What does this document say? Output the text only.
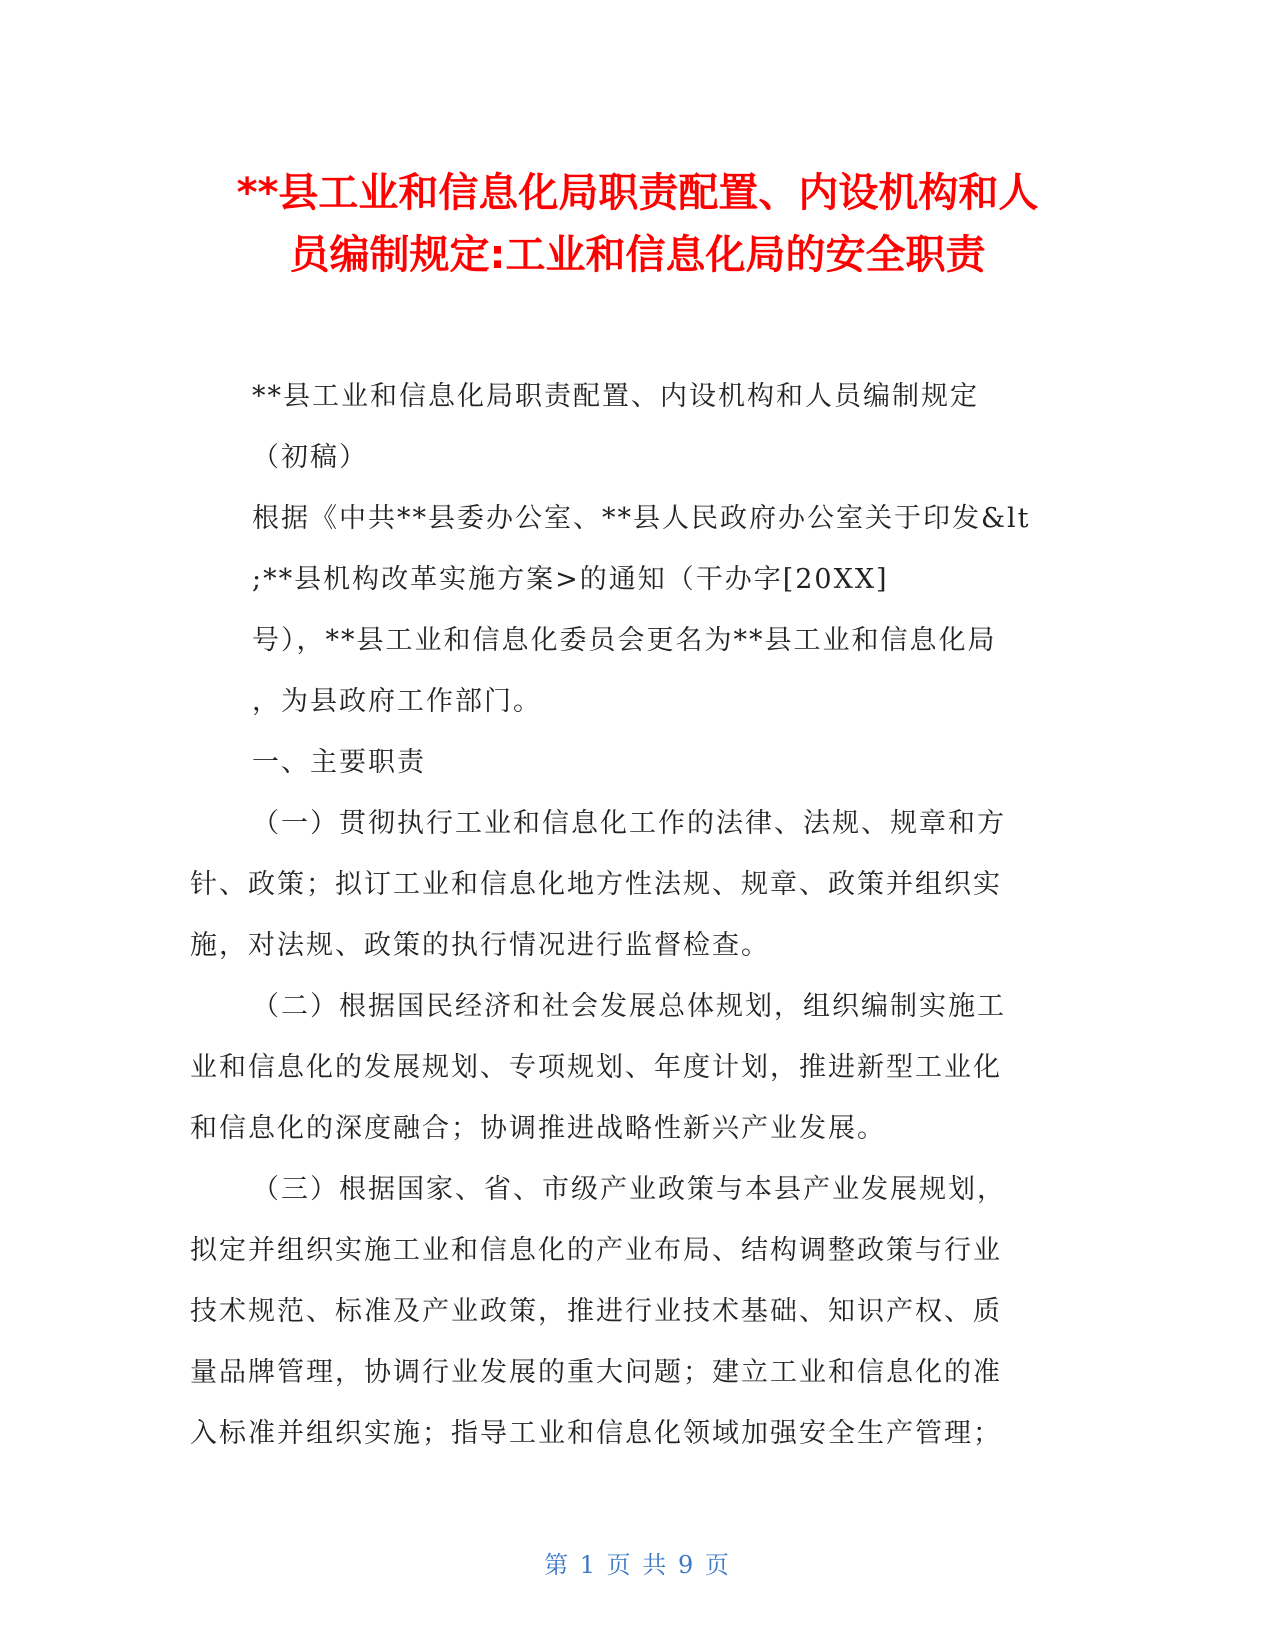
**县工业和信息化局职责配置、内设机构和人
员编制规定:工业和信息化局的安全职责
**县工业和信息化局职责配置、内设机构和人员编制规定
（初稿）
根据《中共**县委办公室、**县人民政府办公室关于印发&lt
;**县机构改革实施方案>的通知（干办字[20XX]
号），**县工业和信息化委员会更名为**县工业和信息化局
，为县政府工作部门。
一、主要职责
（一）贯彻执行工业和信息化工作的法律、法规、规章和方
针、政策；拟订工业和信息化地方性法规、规章、政策并组织实
施，对法规、政策的执行情况进行监督检查。
（二）根据国民经济和社会发展总体规划，组织编制实施工
业和信息化的发展规划、专项规划、年度计划，推进新型工业化
和信息化的深度融合；协调推进战略性新兴产业发展。
（三）根据国家、省、市级产业政策与本县产业发展规划，
拟定并组织实施工业和信息化的产业布局、结构调整政策与行业
技术规范、标准及产业政策，推进行业技术基础、知识产权、质
量品牌管理，协调行业发展的重大问题；建立工业和信息化的准
入标准并组织实施；指导工业和信息化领域加强安全生产管理；
第 1 页 共 9 页
